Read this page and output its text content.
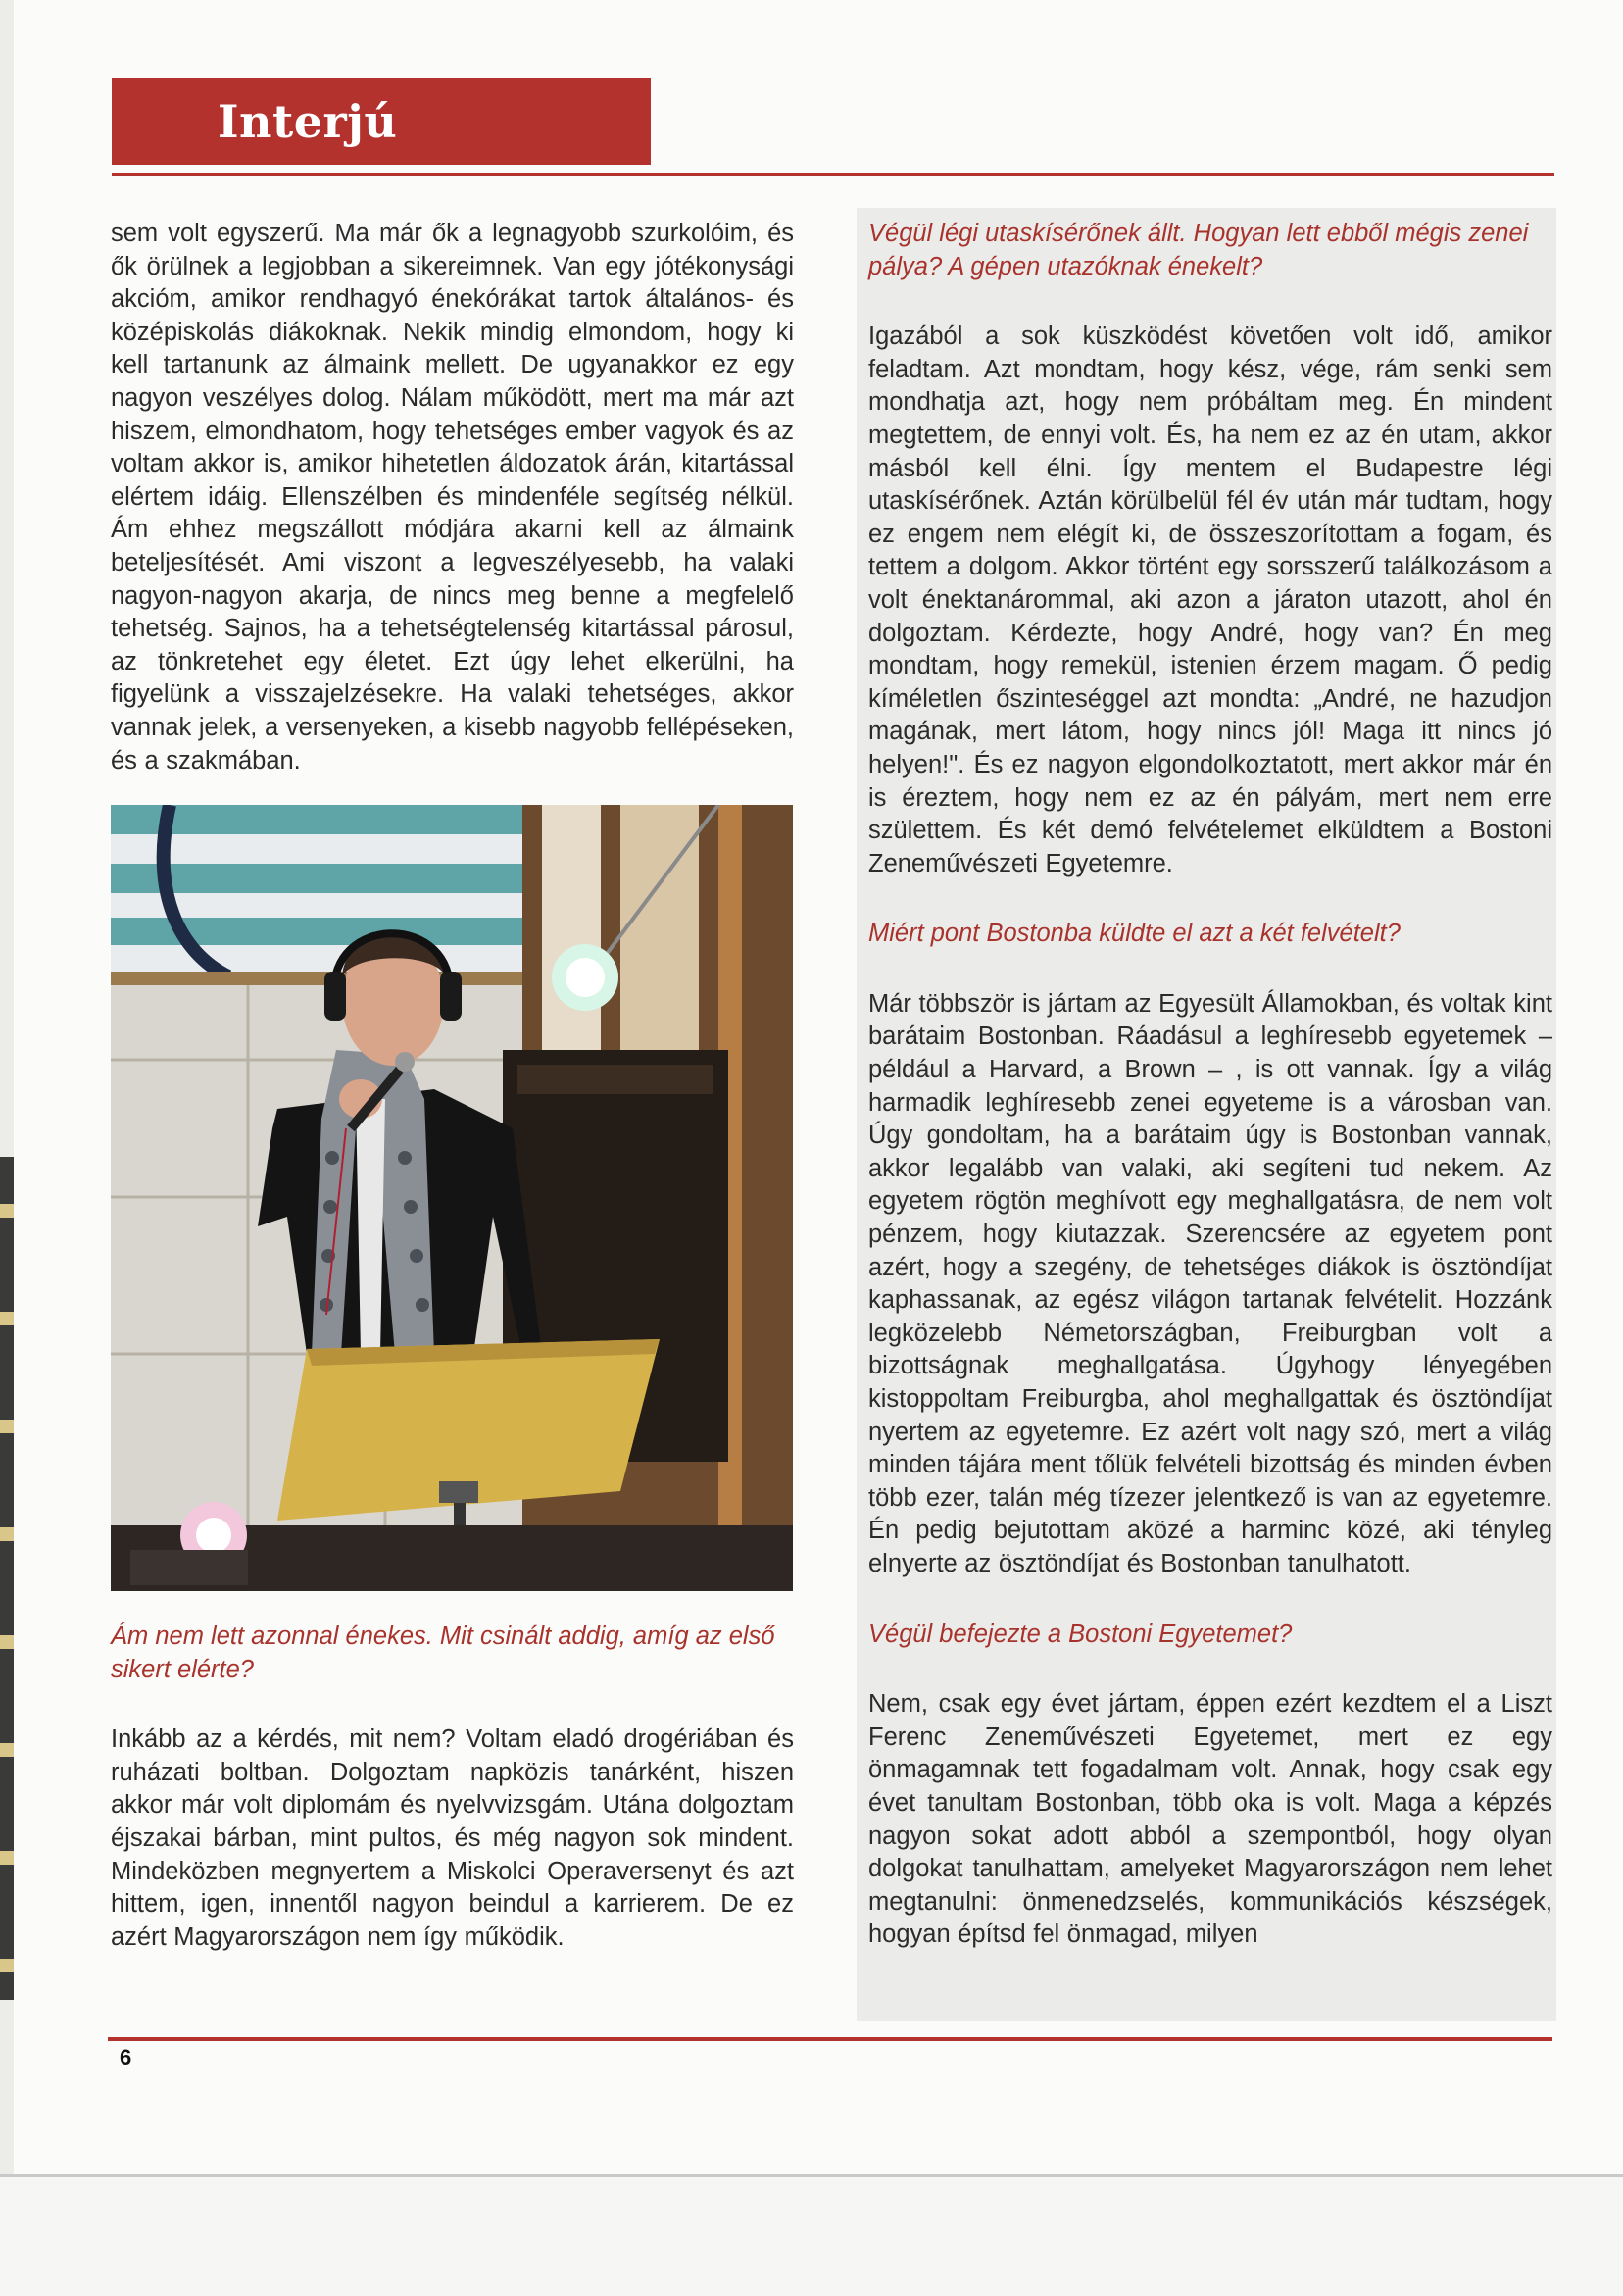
Interjú

sem volt egyszerű. Ma már ők a legnagyobb szurkolóim, és ők örülnek a legjobban a sikereimnek. Van egy jótékonysági akcióm, amikor rendhagyó énekórákat tartok általános- és középiskolás diákoknak. Nekik mindig elmondom, hogy ki kell tartanunk az álmaink mellett. De ugyanakkor ez egy nagyon veszélyes dolog. Nálam működött, mert ma már azt hiszem, elmondhatom, hogy tehetséges ember vagyok és az voltam akkor is, amikor hihetetlen áldozatok árán, kitartással elértem idáig. Ellenszélben és mindenféle segítség nélkül. Ám ehhez megszállott módjára akarni kell az álmaink beteljesítését. Ami viszont a legveszélyesebb, ha valaki nagyon-nagyon akarja, de nincs meg benne a megfelelő tehetség. Sajnos, ha a tehetségtelenség kitartással párosul, az tönkretehet egy életet. Ezt úgy lehet elkerülni, ha figyelünk a visszajelzésekre. Ha valaki tehetséges, akkor vannak jelek, a versenyeken, a kisebb nagyobb fellépéseken, és a szakmában.

Ám nem lett azonnal énekes. Mit csinált addig, amíg az első sikert elérte?

Inkább az a kérdés, mit nem? Voltam eladó drogériában és ruházati boltban. Dolgoztam napközis tanárként, hiszen akkor már volt diplomám és nyelvvizsgám. Utána dolgoztam éjszakai bárban, mint pultos, és még nagyon sok mindent. Mindeközben megnyertem a Miskolci Operaversenyt és azt hittem, igen, innentől nagyon beindul a karrierem. De ez azért Magyarországon nem így működik.

Végül légi utaskísérőnek állt. Hogyan lett ebből mégis zenei pálya? A gépen utazóknak énekelt?

Igazából a sok küszködést követően volt idő, amikor feladtam. Azt mondtam, hogy kész, vége, rám senki sem mondhatja azt, hogy nem próbáltam meg. Én mindent megtettem, de ennyi volt. És, ha nem ez az én utam, akkor másból kell élni. Így mentem el Budapestre légi utaskísérőnek. Aztán körülbelül fél év után már tudtam, hogy ez engem nem elégít ki, de összeszorítottam a fogam, és tettem a dolgom. Akkor történt egy sorsszerű találkozásom a volt énektanárommal, aki azon a járaton utazott, ahol én dolgoztam. Kérdezte, hogy André, hogy van? Én meg mondtam, hogy remekül, istenien érzem magam. Ő pedig kíméletlen őszinteséggel azt mondta: „André, ne hazudjon magának, mert látom, hogy nincs jól! Maga itt nincs jó helyen!". És ez nagyon elgondolkoztatott, mert akkor már én is éreztem, hogy nem ez az én pályám, mert nem erre születtem. És két demó felvételemet elküldtem a Bostoni Zeneművészeti Egyetemre.

Miért pont Bostonba küldte el azt a két felvételt?

Már többször is jártam az Egyesült Államokban, és voltak kint barátaim Bostonban. Ráadásul a leghíresebb egyetemek – például a Harvard, a Brown – , is ott vannak. Így a világ harmadik leghíresebb zenei egyeteme is a városban van. Úgy gondoltam, ha a barátaim úgy is Bostonban vannak, akkor legalább van valaki, aki segíteni tud nekem. Az egyetem rögtön meghívott egy meghallgatásra, de nem volt pénzem, hogy kiutazzak. Szerencsére az egyetem pont azért, hogy a szegény, de tehetséges diákok is ösztöndíjat kaphassanak, az egész világon tartanak felvételit. Hozzánk legközelebb Németországban, Freiburgban volt a bizottságnak meghallgatása. Úgyhogy lényegében kistoppoltam Freiburgba, ahol meghallgattak és ösztöndíjat nyertem az egyetemre. Ez azért volt nagy szó, mert a világ minden tájára ment tőlük felvételi bizottság és minden évben több ezer, talán még tízezer jelentkező is van az egyetemre. Én pedig bejutottam aközé a harminc közé, aki tényleg elnyerte az ösztöndíjat és Bostonban tanulhatott.

Végül befejezte a Bostoni Egyetemet?

Nem, csak egy évet jártam, éppen ezért kezdtem el a Liszt Ferenc Zeneművészeti Egyetemet, mert ez egy önmagamnak tett fogadalmam volt. Annak, hogy csak egy évet tanultam Bostonban, több oka is volt. Maga a képzés nagyon sokat adott abból a szempontból, hogy olyan dolgokat tanulhattam, amelyeket Magyarországon nem lehet megtanulni: önmenedzselés, kommunikációs készségek, hogyan építsd fel önmagad, milyen

6
